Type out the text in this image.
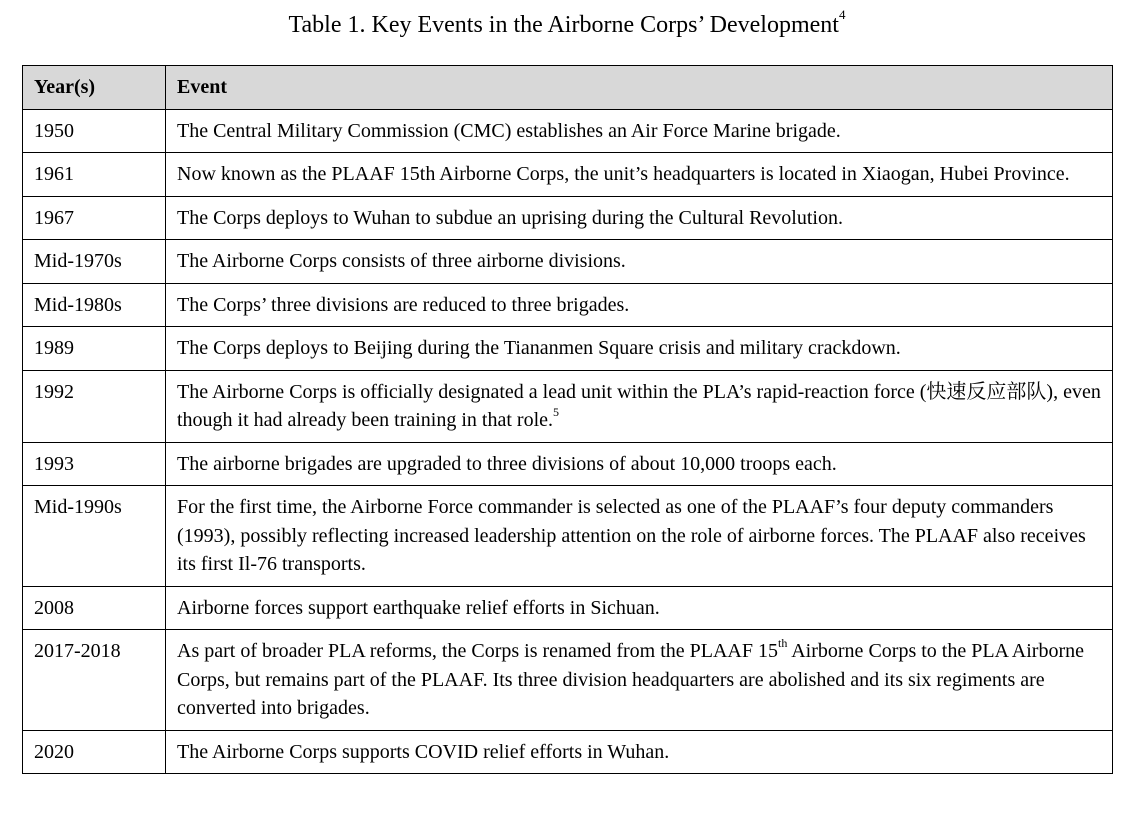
Table 1. Key Events in the Airborne Corps’ Development$^4$
Year(s)	Event
1950	The Central Military Commission (CMC) establishes an Air Force Marine brigade.
1961	Now known as the PLAAF 15th Airborne Corps, the unit’s headquarters is located in Xiaogan, Hubei Province.
1967	The Corps deploys to Wuhan to subdue an uprising during the Cultural Revolution.
Mid-1970s	The Airborne Corps consists of three airborne divisions.
Mid-1980s	The Corps’ three divisions are reduced to three brigades.
1989	The Corps deploys to Beijing during the Tiananmen Square crisis and military crackdown.
1992	The Airborne Corps is officially designated a lead unit within the PLA’s rapid-reaction force (快速反应部队), even though it had already been training in that role.$^5$
1993	The airborne brigades are upgraded to three divisions of about 10,000 troops each.
Mid-1990s	For the first time, the Airborne Force commander is selected as one of the PLAAF’s four deputy commanders (1993), possibly reflecting increased leadership attention on the role of airborne forces. The PLAAF also receives its first Il-76 transports.
2008	Airborne forces support earthquake relief efforts in Sichuan.
2017-2018	As part of broader PLA reforms, the Corps is renamed from the PLAAF 15th Airborne Corps to the PLA Airborne Corps, but remains part of the PLAAF. Its three division headquarters are abolished and its six regiments are converted into brigades.
2020	The Airborne Corps supports COVID relief efforts in Wuhan.
